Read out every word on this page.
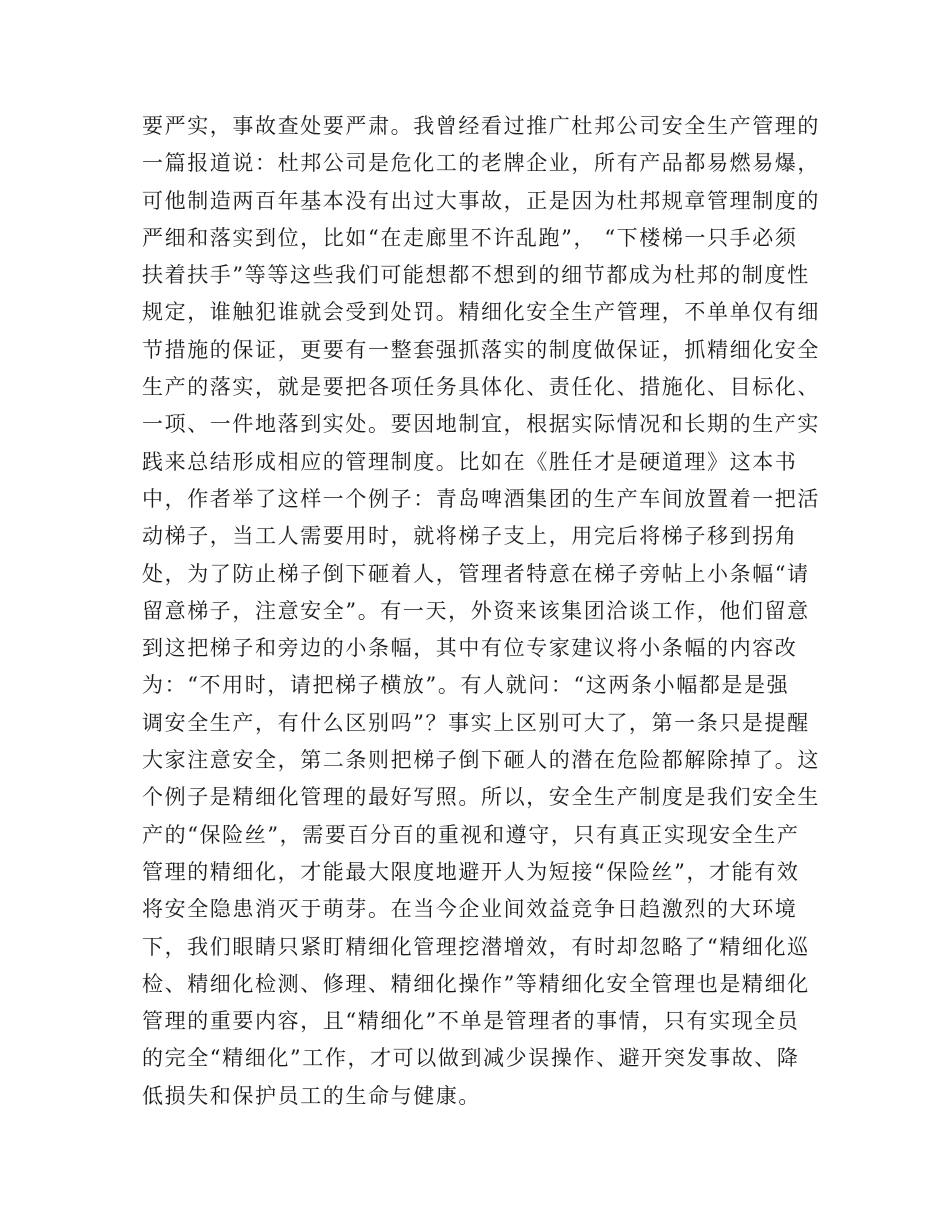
要严实，事故查处要严肃。我曾经看过推广杜邦公司安全生产管理的
一篇报道说：杜邦公司是危化工的老牌企业，所有产品都易燃易爆，
可他制造两百年基本没有出过大事故，正是因为杜邦规章管理制度的
严细和落实到位，比如“在走廊里不许乱跑”， “下楼梯一只手必须
扶着扶手”等等这些我们可能想都不想到的细节都成为杜邦的制度性
规定，谁触犯谁就会受到处罚。精细化安全生产管理，不单单仅有细
节措施的保证，更要有一整套强抓落实的制度做保证，抓精细化安全
生产的落实，就是要把各项任务具体化、责任化、措施化、目标化、
一项、一件地落到实处。要因地制宜，根据实际情况和长期的生产实
践来总结形成相应的管理制度。比如在《胜任才是硬道理》这本书
中，作者举了这样一个例子：青岛啤酒集团的生产车间放置着一把活
动梯子，当工人需要用时，就将梯子支上，用完后将梯子移到拐角
处，为了防止梯子倒下砸着人，管理者特意在梯子旁帖上小条幅“请
留意梯子，注意安全”。有一天，外资来该集团洽谈工作，他们留意
到这把梯子和旁边的小条幅，其中有位专家建议将小条幅的内容改
为：“不用时，请把梯子横放”。有人就问：“这两条小幅都是是强
调安全生产，有什么区别吗”？事实上区别可大了，第一条只是提醒
大家注意安全，第二条则把梯子倒下砸人的潜在危险都解除掉了。这
个例子是精细化管理的最好写照。所以，安全生产制度是我们安全生
产的“保险丝”，需要百分百的重视和遵守，只有真正实现安全生产
管理的精细化，才能最大限度地避开人为短接“保险丝”，才能有效
将安全隐患消灭于萌芽。在当今企业间效益竞争日趋激烈的大环境
下，我们眼睛只紧盯精细化管理挖潜增效，有时却忽略了“精细化巡
检、精细化检测、修理、精细化操作”等精细化安全管理也是精细化
管理的重要内容，且“精细化”不单是管理者的事情，只有实现全员
的完全“精细化”工作，才可以做到减少误操作、避开突发事故、降
低损失和保护员工的生命与健康。
